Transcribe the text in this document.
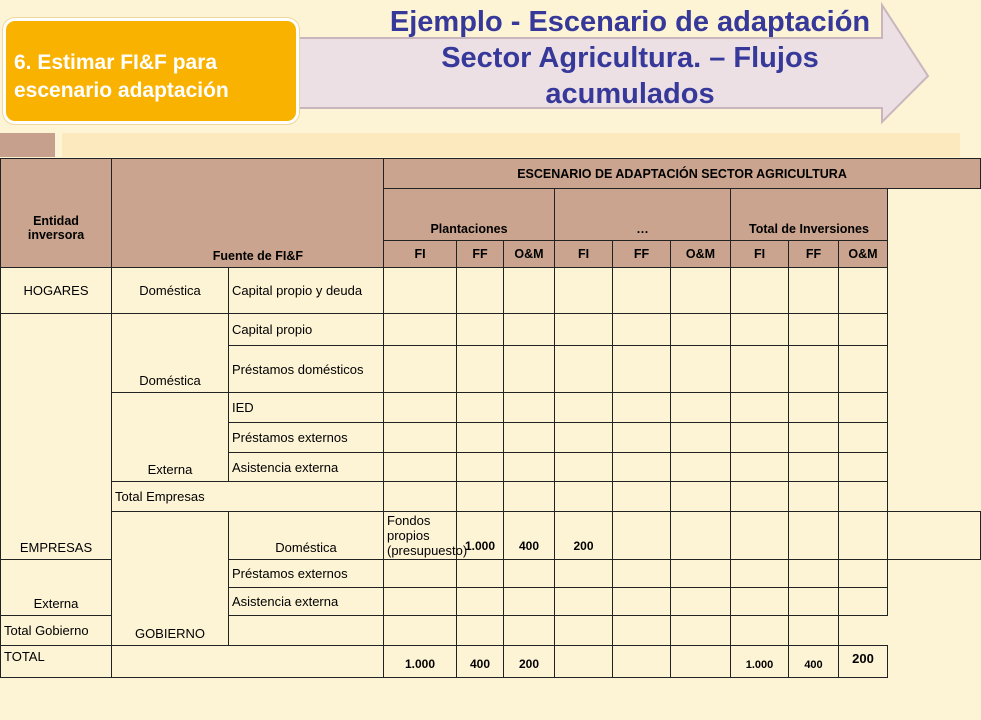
6. Estimar FI&F para
escenario adaptación
Ejemplo - Escenario de adaptación
Sector Agricultura. – Flujos
acumulados
Entidad inversora	Fuente de FI&F		ESCENARIO DE ADAPTACIÓN SECTOR AGRICULTURA									
			Plantaciones			…			Total de Inversiones			
			FI	FF	O&M	FI	FF	O&M	FI	FF	O&M	
HOGARES	Doméstica	Capital propio y deuda										
EMPRESAS	Doméstica	Capital propio										
		Préstamos domésticos										
	Externa	IED										
		Préstamos externos										
		Asistencia externa										
	Total Empresas											
	GOBIERNO	Doméstica	Fondos propios (presupuesto)	1.000	400	200						
Externa		Préstamos externos										
		Asistencia externa										
Total Gobierno												
TOTAL			1.000	400	200				1.000	400	200	
